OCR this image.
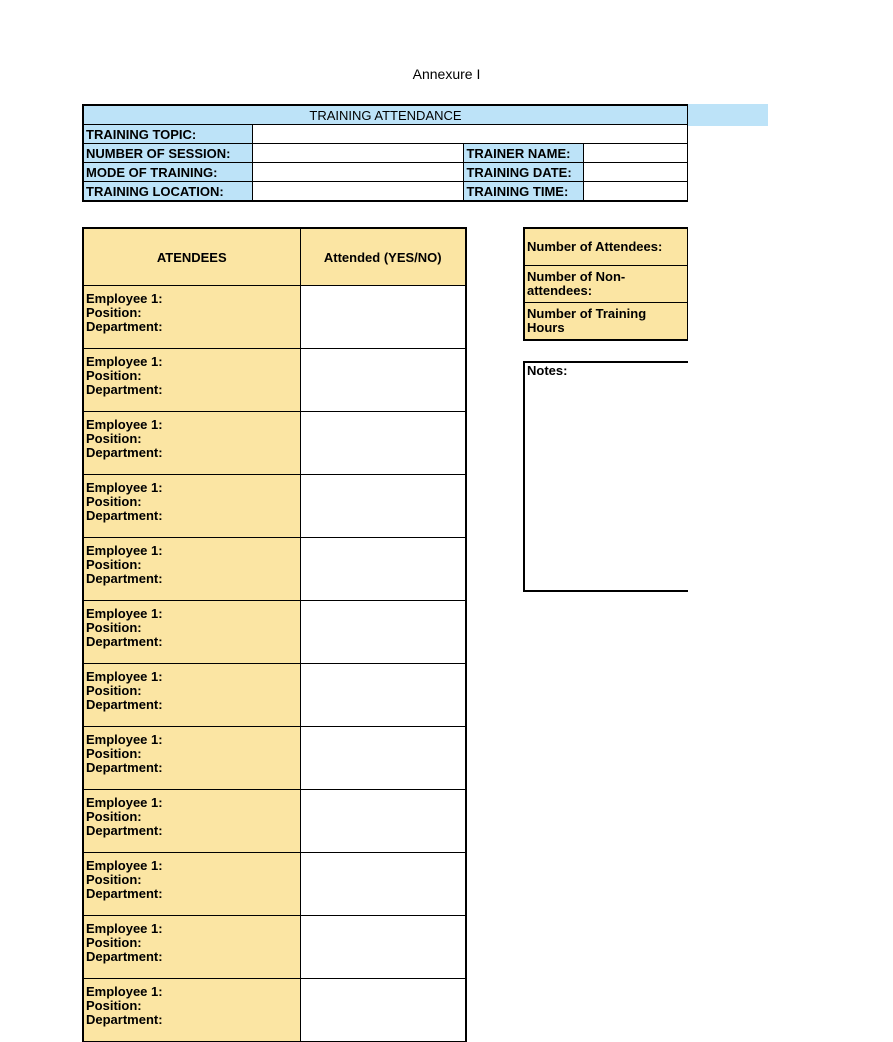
Annexure I
TRAINING ATTENDANCE			
TRAINING TOPIC:			
NUMBER OF SESSION:		TRAINER NAME:	
MODE OF TRAINING:		TRAINING DATE:	
TRAINING LOCATION:		TRAINING TIME:	
ATENDEES	Attended (YES/NO)

Employee 1:
Position:
Department:	

Employee 1:
Position:
Department:	

Employee 1:
Position:
Department:	

Employee 1:
Position:
Department:	

Employee 1:
Position:
Department:	

Employee 1:
Position:
Department:	

Employee 1:
Position:
Department:	

Employee 1:
Position:
Department:	

Employee 1:
Position:
Department:	

Employee 1:
Position:
Department:	

Employee 1:
Position:
Department:	

Employee 1:
Position:
Department:	

Number of Attendees:
Number of Non-attendees:
Number of Training Hours
Notes:
